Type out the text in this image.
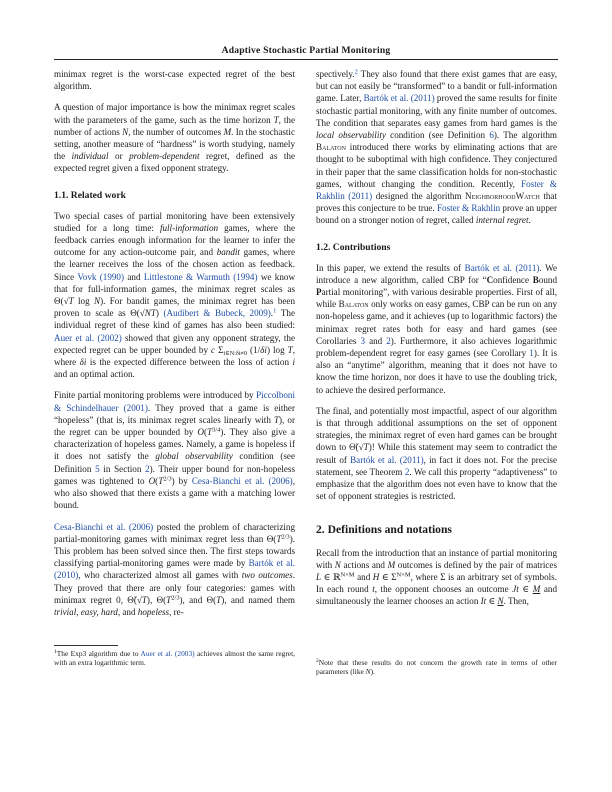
Adaptive Stochastic Partial Monitoring

minimax regret is the worst-case expected regret of the best algorithm.

A question of major importance is how the minimax regret scales with the parameters of the game, such as the time horizon T, the number of actions N, the number of outcomes M. In the stochastic setting, another measure of “hardness” is worth studying, namely the individual or problem-dependent regret, defined as the expected regret given a fixed opponent strategy.

1.1. Related work

Two special cases of partial monitoring have been extensively studied for a long time: full-information games, where the feedback carries enough information for the learner to infer the outcome for any action-outcome pair, and bandit games, where the learner receives the loss of the chosen action as feedback. Since Vovk (1990) and Littlestone & Warmuth (1994) we know that for full-information games, the minimax regret scales as Θ(√T log N). For bandit games, the minimax regret has been proven to scale as Θ(√NT) (Audibert & Bubeck, 2009).$^1$ The individual regret of these kind of games has also been studied: Auer et al. (2002) showed that given any opponent strategy, the expected regret can be upper bounded by c $\Sigma_{i\in N:\delta i\ne 0}$ (1/δi) log T, where δi is the expected difference between the loss of action i and an optimal action.

Finite partial monitoring problems were introduced by Piccolboni & Schindelhauer (2001). They proved that a game is either “hopeless” (that is, its minimax regret scales linearly with T), or the regret can be upper bounded by $O(T^{3/4})$. They also give a characterization of hopeless games. Namely, a game is hopeless if it does not satisfy the global observability condition (see Definition 5 in Section 2). Their upper bound for non-hopeless games was tightened to $O(T^{2/3})$ by Cesa-Bianchi et al. (2006), who also showed that there exists a game with a matching lower bound.

Cesa-Bianchi et al. (2006) posted the problem of characterizing partial-monitoring games with minimax regret less than $\Theta(T^{2/3})$. This problem has been solved since then. The first steps towards classifying partial-monitoring games were made by Bartók et al. (2010), who characterized almost all games with two outcomes. They proved that there are only four categories: games with minimax regret 0, Θ̃(√T), $\Theta(T^{2/3})$, and Θ(T), and named them trivial, easy, hard, and hopeless, re-

$^1$The Exp3 algorithm due to Auer et al. (2003) achieves almost the same regret, with an extra logarithmic term.

spectively.$^2$ They also found that there exist games that are easy, but can not easily be “transformed” to a bandit or full-information game. Later, Bartók et al. (2011) proved the same results for finite stochastic partial monitoring, with any finite number of outcomes. The condition that separates easy games from hard games is the local observability condition (see Definition 6). The algorithm Balaton introduced there works by eliminating actions that are thought to be suboptimal with high confidence. They conjectured in their paper that the same classification holds for non-stochastic games, without changing the condition. Recently, Foster & Rakhlin (2011) designed the algorithm NeighborhoodWatch that proves this conjecture to be true. Foster & Rakhlin prove an upper bound on a stronger notion of regret, called internal regret.

1.2. Contributions

In this paper, we extend the results of Bartók et al. (2011). We introduce a new algorithm, called CBP for “Confidence Bound Partial monitoring”, with various desirable properties. First of all, while Balaton only works on easy games, CBP can be run on any non-hopeless game, and it achieves (up to logarithmic factors) the minimax regret rates both for easy and hard games (see Corollaries 3 and 2). Furthermore, it also achieves logarithmic problem-dependent regret for easy games (see Corollary 1). It is also an “anytime” algorithm, meaning that it does not have to know the time horizon, nor does it have to use the doubling trick, to achieve the desired performance.

The final, and potentially most impactful, aspect of our algorithm is that through additional assumptions on the set of opponent strategies, the minimax regret of even hard games can be brought down to Θ̃(√T)! While this statement may seem to contradict the result of Bartók et al. (2011), in fact it does not. For the precise statement, see Theorem 2. We call this property “adaptiveness” to emphasize that the algorithm does not even have to know that the set of opponent strategies is restricted.

2. Definitions and notations

Recall from the introduction that an instance of partial monitoring with N actions and M outcomes is defined by the pair of matrices L ∈ ℝ$^{N\times M}$ and H ∈ $\Sigma^{N\times M}$, where Σ is an arbitrary set of symbols. In each round t, the opponent chooses an outcome Jt ∈ M and simultaneously the learner chooses an action It ∈ N. Then,

$^2$Note that these results do not concern the growth rate in terms of other parameters (like N).
